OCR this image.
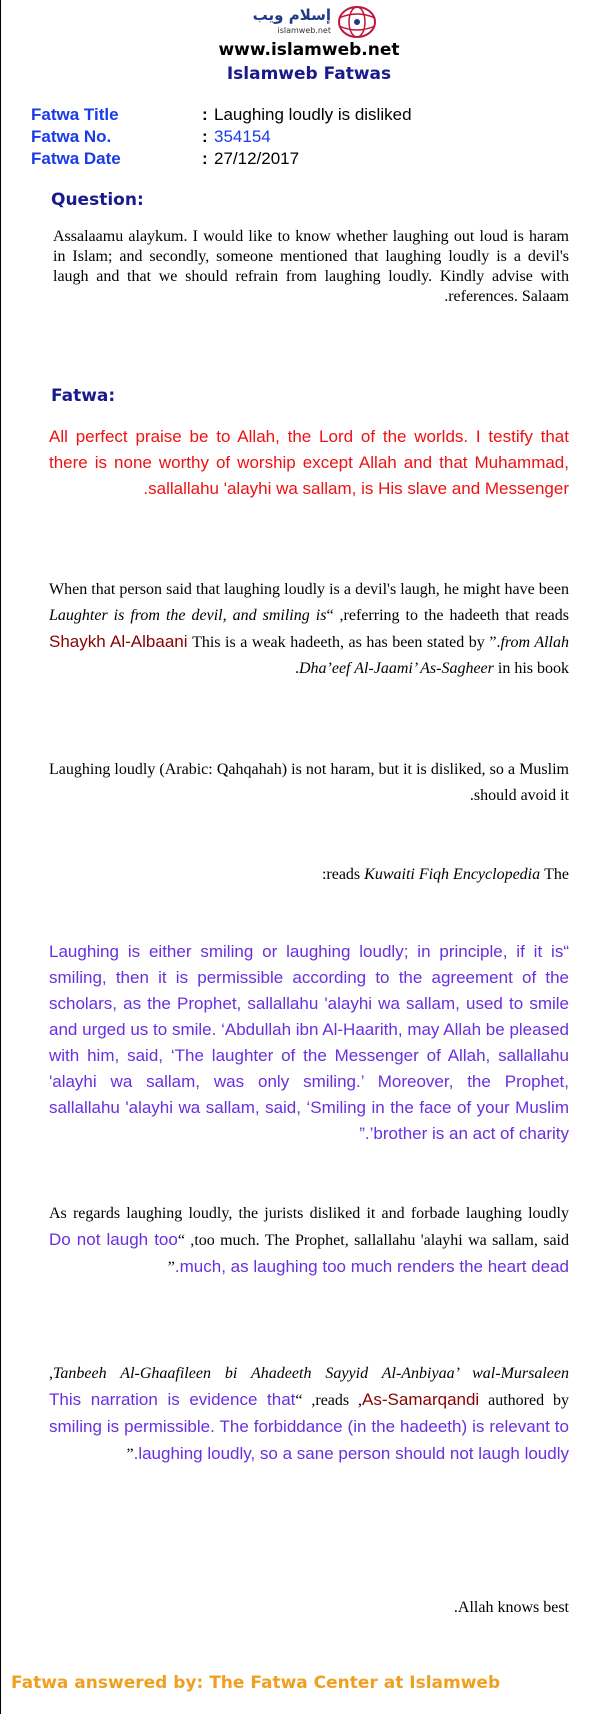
إسلام ويب
islamweb.net
www.islamweb.net
Islamweb Fatwas
Fatwa Title	: Laughing loudly is disliked
Fatwa No.	: 354154
Fatwa Date	: 27/12/2017
Question:
Assalaamu alaykum. I would like to know whether laughing out loud is haram in Islam; and secondly, someone mentioned that laughing loudly is a devil's laugh and that we should refrain from laughing loudly. Kindly advise with references. Salaam.
Fatwa:
All perfect praise be to Allah, the Lord of the worlds. I testify that there is none worthy of worship except Allah and that Muhammad, sallallahu 'alayhi wa sallam, is His slave and Messenger.
When that person said that laughing loudly is a devil's laugh, he might have been referring to the hadeeth that reads, “Laughter is from the devil, and smiling is from Allah.” This is a weak hadeeth, as has been stated by Shaykh Al-Albaani in his book Dha’eef Al-Jaami’ As-Sagheer.
Laughing loudly (Arabic: Qahqahah) is not haram, but it is disliked, so a Muslim should avoid it.
The Kuwaiti Fiqh Encyclopedia reads:
“Laughing is either smiling or laughing loudly; in principle, if it is smiling, then it is permissible according to the agreement of the scholars, as the Prophet, sallallahu 'alayhi wa sallam, used to smile and urged us to smile. ‘Abdullah ibn Al-Haarith, may Allah be pleased with him, said, ‘The laughter of the Messenger of Allah, sallallahu 'alayhi wa sallam, was only smiling.’ Moreover, the Prophet, sallallahu 'alayhi wa sallam, said, ‘Smiling in the face of your Muslim brother is an act of charity’.”
As regards laughing loudly, the jurists disliked it and forbade laughing loudly too much. The Prophet, sallallahu 'alayhi wa sallam, said, “Do not laugh too much, as laughing too much renders the heart dead.”
Tanbeeh Al-Ghaafileen bi Ahadeeth Sayyid Al-Anbiyaa’ wal-Mursaleen, authored by As-Samarqandi, reads, “This narration is evidence that smiling is permissible. The forbiddance (in the hadeeth) is relevant to laughing loudly, so a sane person should not laugh loudly.”
Allah knows best.
Fatwa answered by: The Fatwa Center at Islamweb
